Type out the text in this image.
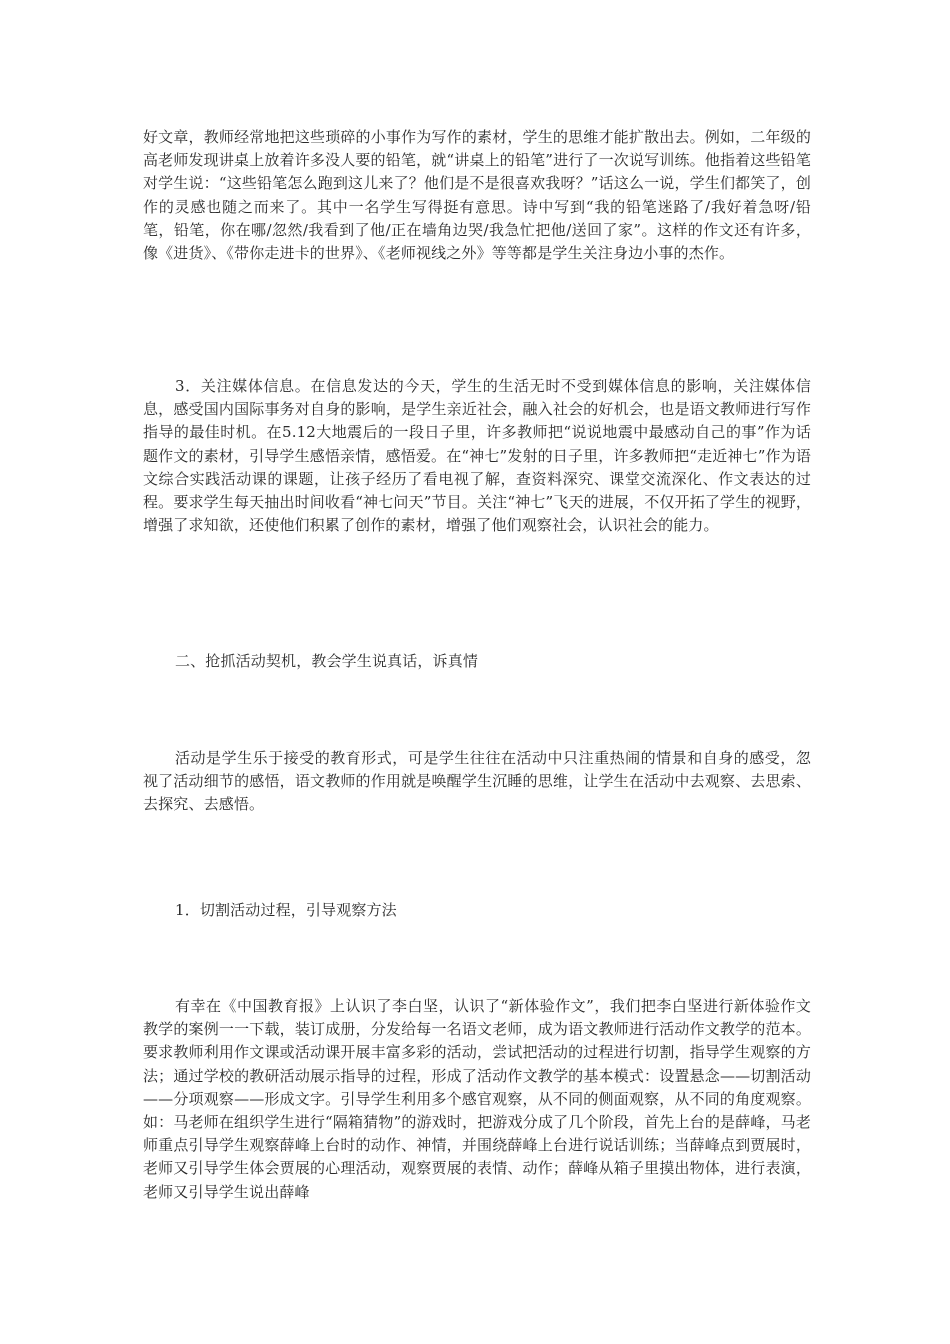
好文章，教师经常地把这些琐碎的小事作为写作的素材，学生的思维才能扩散出去。例如，二年级的高老师发现讲桌上放着许多没人要的铅笔，就“讲桌上的铅笔”进行了一次说写训练。他指着这些铅笔对学生说：“这些铅笔怎么跑到这儿来了？他们是不是很喜欢我呀？”话这么一说，学生们都笑了，创作的灵感也随之而来了。其中一名学生写得挺有意思。诗中写到“我的铅笔迷路了/我好着急呀/铅笔，铅笔，你在哪/忽然/我看到了他/正在墙角边哭/我急忙把他/送回了家”。这样的作文还有许多，像《进货》、《带你走进卡的世界》、《老师视线之外》等等都是学生关注身边小事的杰作。

3．关注媒体信息。在信息发达的今天，学生的生活无时不受到媒体信息的影响，关注媒体信息，感受国内国际事务对自身的影响，是学生亲近社会，融入社会的好机会，也是语文教师进行写作指导的最佳时机。在5.12大地震后的一段日子里，许多教师把“说说地震中最感动自己的事”作为话题作文的素材，引导学生感悟亲情，感悟爱。在“神七”发射的日子里，许多教师把“走近神七”作为语文综合实践活动课的课题，让孩子经历了看电视了解，查资料深究、课堂交流深化、作文表达的过程。要求学生每天抽出时间收看“神七问天”节目。关注“神七”飞天的进展，不仅开拓了学生的视野，增强了求知欲，还使他们积累了创作的素材，增强了他们观察社会，认识社会的能力。

二、抢抓活动契机，教会学生说真话，诉真情

活动是学生乐于接受的教育形式，可是学生往往在活动中只注重热闹的情景和自身的感受，忽视了活动细节的感悟，语文教师的作用就是唤醒学生沉睡的思维，让学生在活动中去观察、去思索、去探究、去感悟。

1．切割活动过程，引导观察方法

有幸在《中国教育报》上认识了李白坚，认识了“新体验作文”，我们把李白坚进行新体验作文教学的案例一一下载，装订成册，分发给每一名语文老师，成为语文教师进行活动作文教学的范本。要求教师利用作文课或活动课开展丰富多彩的活动，尝试把活动的过程进行切割，指导学生观察的方法；通过学校的教研活动展示指导的过程，形成了活动作文教学的基本模式：设置悬念——切割活动——分项观察——形成文字。引导学生利用多个感官观察，从不同的侧面观察，从不同的角度观察。如：马老师在组织学生进行“隔箱猜物”的游戏时，把游戏分成了几个阶段，首先上台的是薛峰，马老师重点引导学生观察薛峰上台时的动作、神情，并围绕薛峰上台进行说话训练；当薛峰点到贾展时，老师又引导学生体会贾展的心理活动，观察贾展的表情、动作；薛峰从箱子里摸出物体，进行表演，老师又引导学生说出薛峰
